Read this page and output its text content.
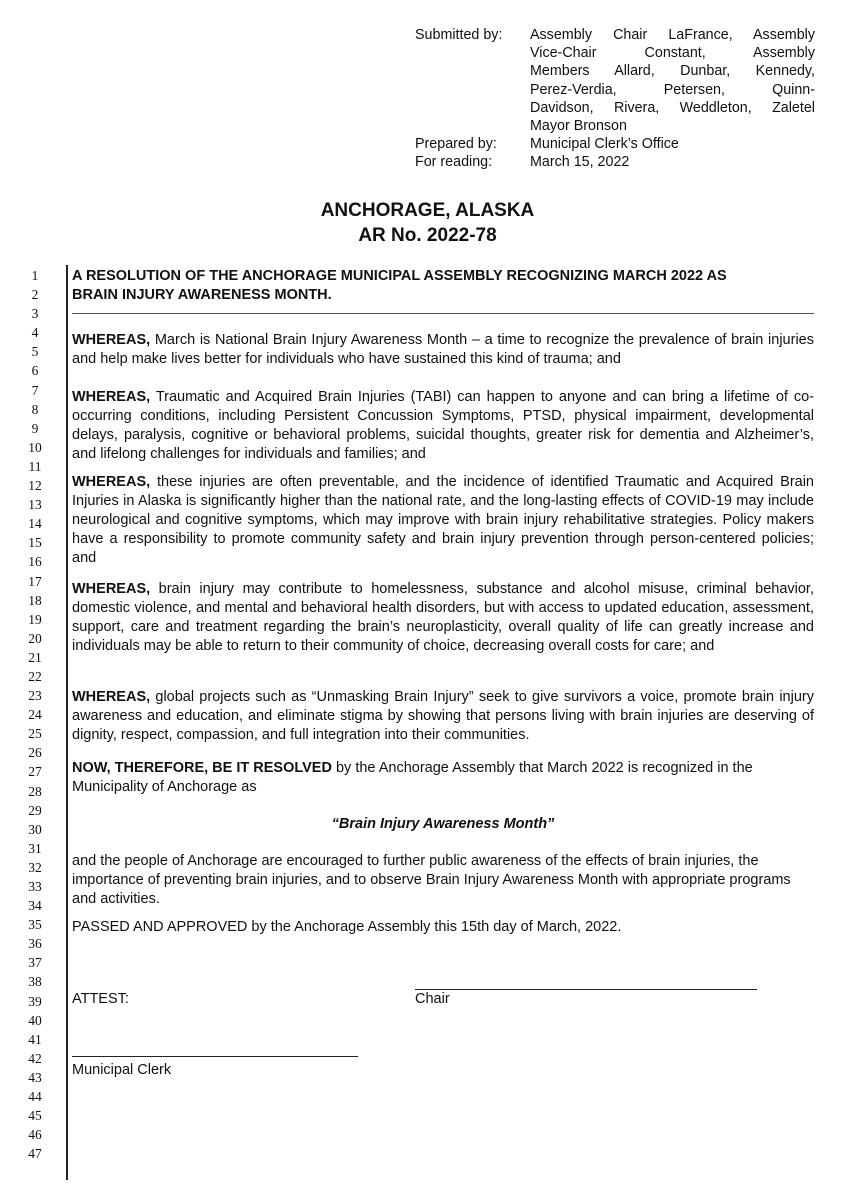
Submitted by:	Assembly Chair LaFrance, Assembly
Vice-Chair Constant, Assembly
Members Allard, Dunbar, Kennedy,
Perez-Verdia, Petersen, Quinn-
Davidson, Rivera, Weddleton, Zaletel
Mayor Bronson
Prepared by:	Municipal Clerk’s Office
For reading:	March 15, 2022
ANCHORAGE, ALASKA
AR No. 2022-78
1
2
3
4
5
6
7
8
9
10
11
12
13
14
15
16
17
18
19
20
21
22
23
24
25
26
27
28
29
30
31
32
33
34
35
36
37
38
39
40
41
42
43
44
45
46
47
A RESOLUTION OF THE ANCHORAGE MUNICIPAL ASSEMBLY RECOGNIZING MARCH 2022 AS
BRAIN INJURY AWARENESS MONTH.
WHEREAS, March is National Brain Injury Awareness Month – a time to recognize the prevalence of brain injuries and help make lives better for individuals who have sustained this kind of trauma; and
WHEREAS, Traumatic and Acquired Brain Injuries (TABI) can happen to anyone and can bring a lifetime of co-occurring conditions, including Persistent Concussion Symptoms, PTSD, physical impairment, developmental delays, paralysis, cognitive or behavioral problems, suicidal thoughts, greater risk for dementia and Alzheimer’s, and lifelong challenges for individuals and families; and
WHEREAS, these injuries are often preventable, and the incidence of identified Traumatic and Acquired Brain Injuries in Alaska is significantly higher than the national rate, and the long-lasting effects of COVID-19 may include neurological and cognitive symptoms, which may improve with brain injury rehabilitative strategies. Policy makers have a responsibility to promote community safety and brain injury prevention through person-centered policies; and
WHEREAS, brain injury may contribute to homelessness, substance and alcohol misuse, criminal behavior, domestic violence, and mental and behavioral health disorders, but with access to updated education, assessment, support, care and treatment regarding the brain’s neuroplasticity, overall quality of life can greatly increase and individuals may be able to return to their community of choice, decreasing overall costs for care; and
WHEREAS, global projects such as “Unmasking Brain Injury” seek to give survivors a voice, promote brain injury awareness and education, and eliminate stigma by showing that persons living with brain injuries are deserving of dignity, respect, compassion, and full integration into their communities.
NOW, THEREFORE, BE IT RESOLVED by the Anchorage Assembly that March 2022 is recognized in the Municipality of Anchorage as
“Brain Injury Awareness Month”
and the people of Anchorage are encouraged to further public awareness of the effects of brain injuries, the importance of preventing brain injuries, and to observe Brain Injury Awareness Month with appropriate programs and activities.
PASSED AND APPROVED by the Anchorage Assembly this 15th day of March, 2022.
ATTEST:	Chair
Municipal Clerk
